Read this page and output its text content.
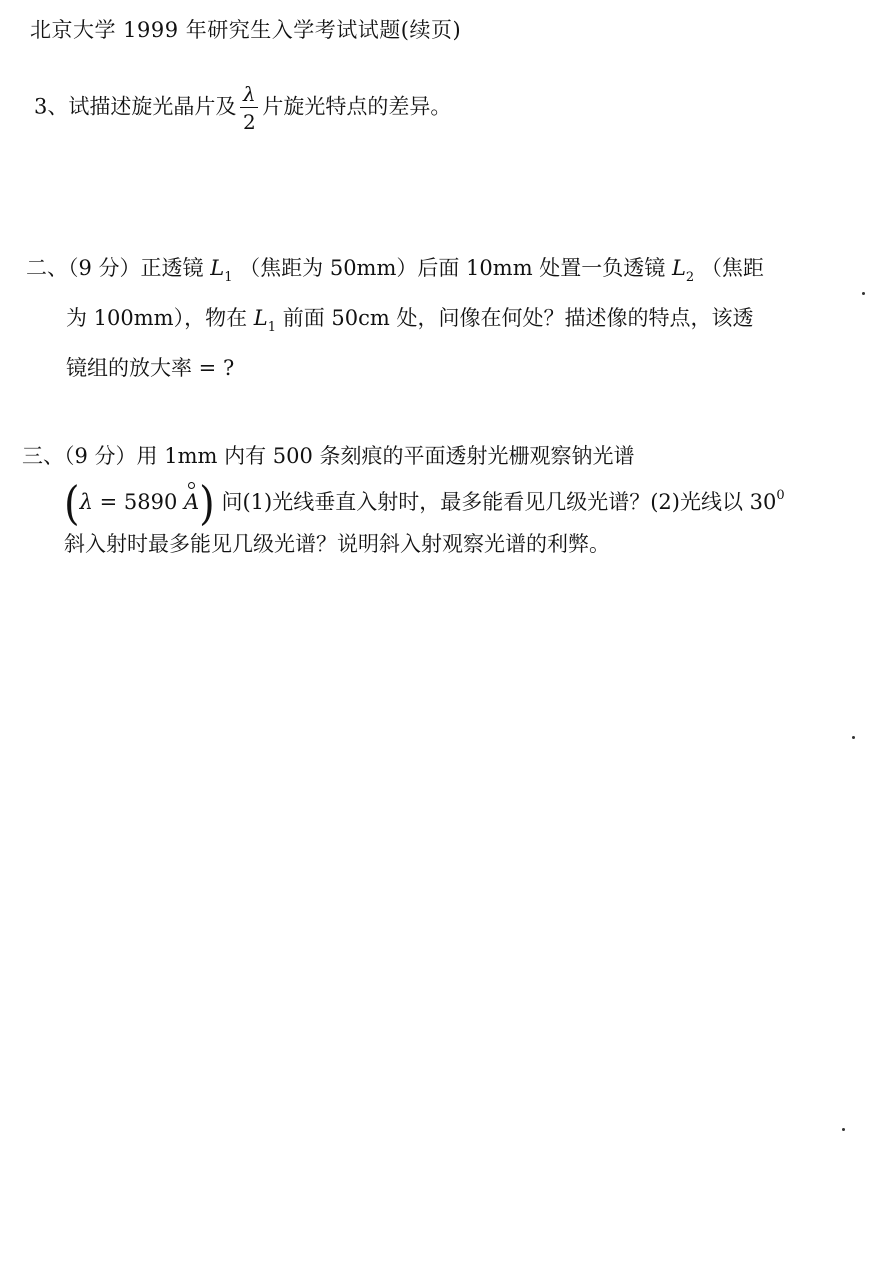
北京大学 1999 年研究生入学考试试题(续页)
3、试描述旋光晶片及 $\frac{\lambda}{2}$ 片旋光特点的差异。
二、（9 分）正透镜 $L_1$ （焦距为 50mm）后面 10mm 处置一负透镜 $L_2$ （焦距
为 100mm），物在 $L_1$ 前面 50cm 处，问像在何处？描述像的特点，该透
镜组的放大率 = ?
三、（9 分）用 1mm 内有 500 条刻痕的平面透射光栅观察钠光谱
(λ = 5890 A) 问(1)光线垂直入射时，最多能看见几级光谱？(2)光线以 $30^0$
斜入射时最多能见几级光谱？说明斜入射观察光谱的利弊。
